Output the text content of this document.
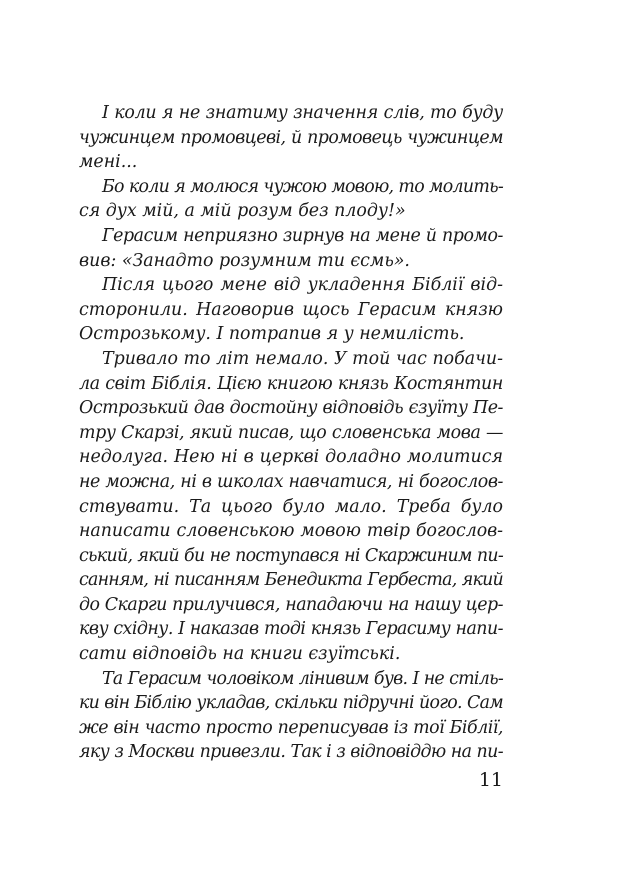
І коли я не знатиму значення слів, то буду
чужинцем промовцеві, й промовець чужинцем
мені...
Бо коли я молюся чужою мовою, то молить-
ся дух мій, а мій розум без плоду!»
Герасим неприязно зирнув на мене й промо-
вив: «Занадто розумним ти єсмь».
Після цього мене від укладення Біблії від-
сторонили. Наговорив щось Герасим князю
Острозькому. І потрапив я у немилість.
Тривало то літ немало. У той час побачи-
ла світ Біблія. Цією книгою князь Костянтин
Острозький дав достойну відповідь єзуїту Пе-
тру Скарзі, який писав, що словенська мова —
недолуга. Нею ні в церкві доладно молитися
не можна, ні в школах навчатися, ні богослов-
ствувати. Та цього було мало. Треба було
написати словенською мовою твір богослов-
ський, який би не поступався ні Скаржиним пи-
санням, ні писанням Бенедикта Гербеста, який
до Скарги прилучився, нападаючи на нашу цер-
кву східну. І наказав тоді князь Герасиму напи-
сати відповідь на книги єзуїтські.
Та Герасим чоловіком лінивим був. І не стіль-
ки він Біблію укладав, скільки підручні його. Сам
же він часто просто переписував із тої Біблії,
яку з Москви привезли. Так і з відповіддю на пи-
11
